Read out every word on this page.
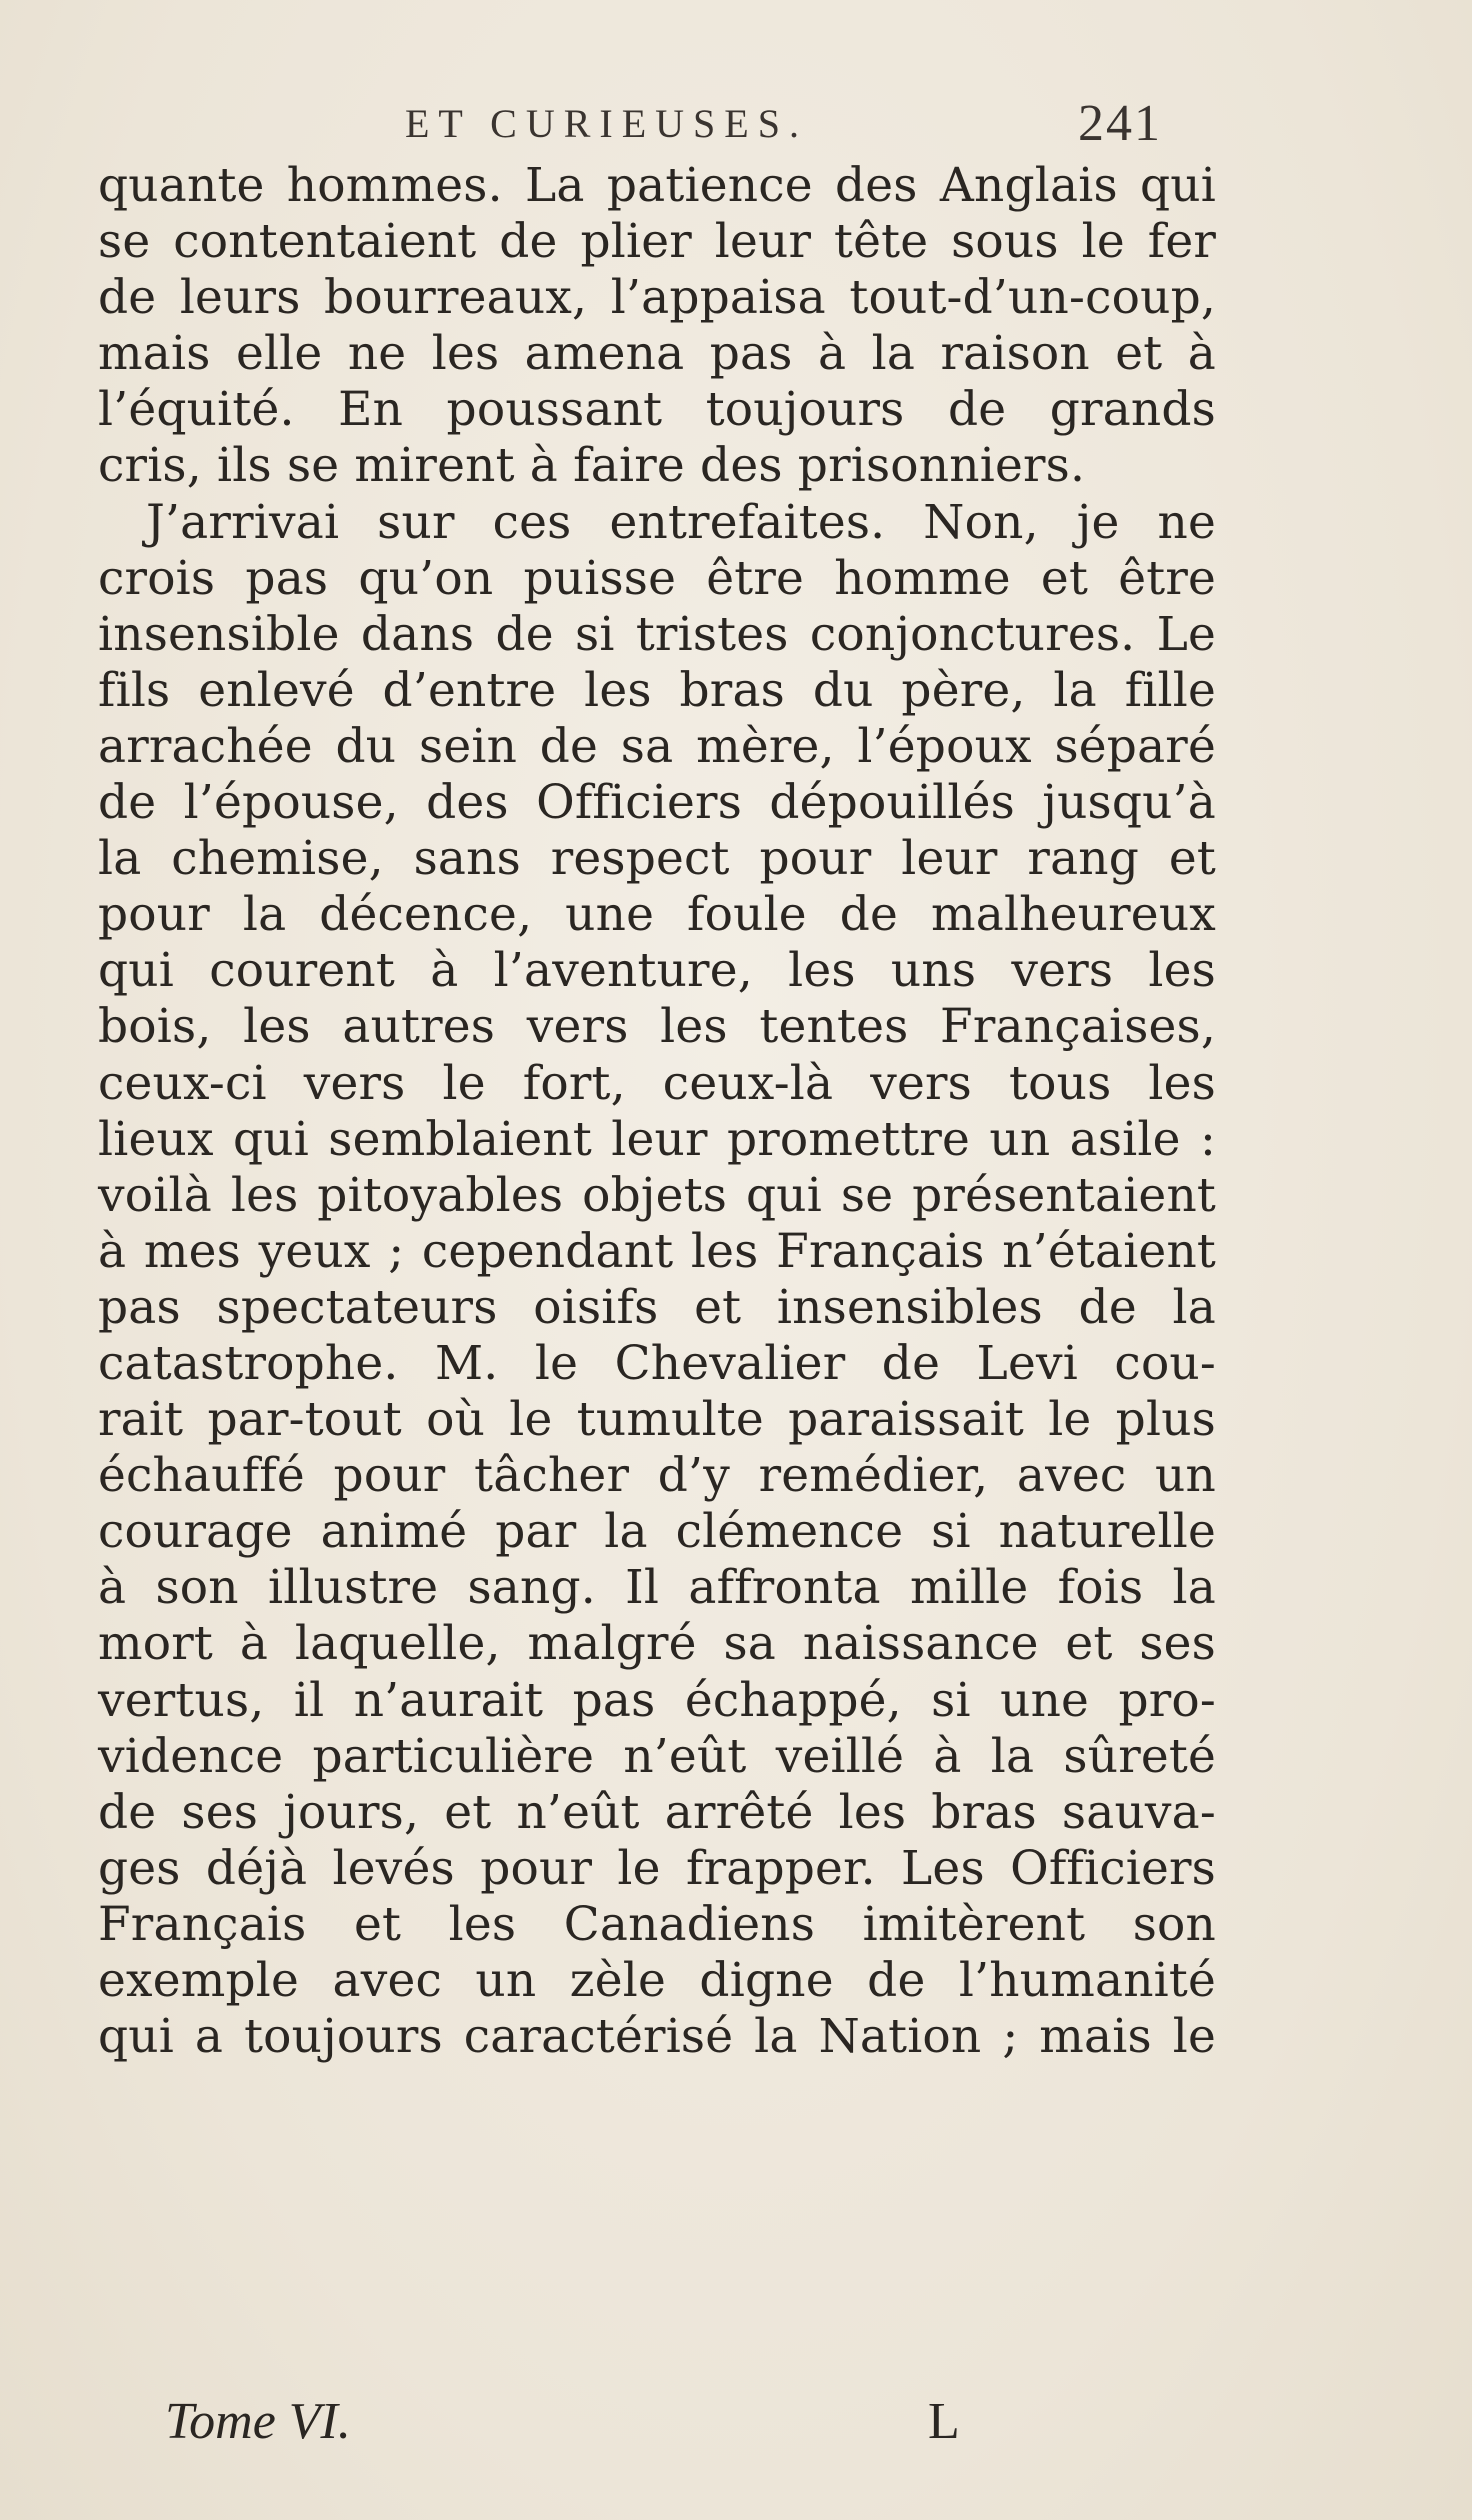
ET CURIEUSES.	241
quante hommes. La patience des Anglais qui
se contentaient de plier leur tête sous le fer
de leurs bourreaux, l’appaisa tout-d’un-coup,
mais elle ne les amena pas à la raison et à
l’équité. En poussant toujours de grands
cris, ils se mirent à faire des prisonniers.
J’arrivai sur ces entrefaites. Non, je ne
crois pas qu’on puisse être homme et être
insensible dans de si tristes conjonctures. Le
fils enlevé d’entre les bras du père, la fille
arrachée du sein de sa mère, l’époux séparé
de l’épouse, des Officiers dépouillés jusqu’à
la chemise, sans respect pour leur rang et
pour la décence, une foule de malheureux
qui courent à l’aventure, les uns vers les
bois, les autres vers les tentes Françaises,
ceux-ci vers le fort, ceux-là vers tous les
lieux qui semblaient leur promettre un asile :
voilà les pitoyables objets qui se présentaient
à mes yeux ; cependant les Français n’étaient
pas spectateurs oisifs et insensibles de la
catastrophe. M. le Chevalier de Levi cou-
rait par-tout où le tumulte paraissait le plus
échauffé pour tâcher d’y remédier, avec un
courage animé par la clémence si naturelle
à son illustre sang. Il affronta mille fois la
mort à laquelle, malgré sa naissance et ses
vertus, il n’aurait pas échappé, si une pro-
vidence particulière n’eût veillé à la sûreté
de ses jours, et n’eût arrêté les bras sauva-
ges déjà levés pour le frapper. Les Officiers
Français et les Canadiens imitèrent son
exemple avec un zèle digne de l’humanité
qui a toujours caractérisé la Nation ; mais le
Tome VI.	L
